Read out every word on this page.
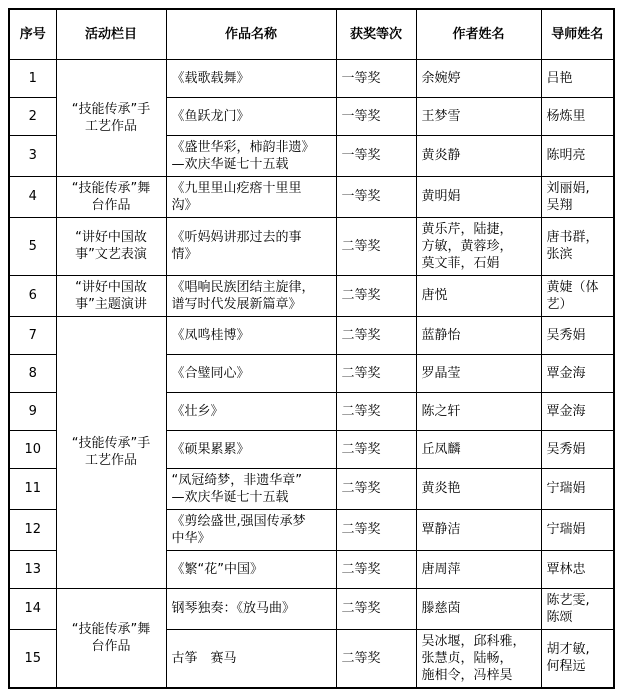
序号	活动栏目	作品名称	获奖等次	作者姓名	导师姓名
1	“技能传承”手
工艺作品	《载歌载舞》	一等奖	余婉婷	吕艳
2		《鱼跃龙门》	一等奖	王梦雪	杨炼里
3		《盛世华彩，柿韵非遗》
—欢庆华诞七十五载	一等奖	黄炎静	陈明亮
4	“技能传承”舞
台作品	《九里里山疙瘩十里里
沟》	一等奖	黄明娟	刘丽娟,
吴翔
5	“讲好中国故
事”文艺表演	《听妈妈讲那过去的事
情》	二等奖	黄乐芹，陆捷，
方敏，黄蓉珍，
莫文菲，石娟	唐书群，
张滨
6	“讲好中国故
事”主题演讲	《唱响民族团结主旋律，
谱写时代发展新篇章》	二等奖	唐悦	黄婕（体
艺）
7	“技能传承”手
工艺作品	《凤鸣桂博》	二等奖	蓝静怡	吴秀娟
8		《合璧同心》	二等奖	罗晶莹	覃金海
9		《壮乡》	二等奖	陈之轩	覃金海
10		《硕果累累》	二等奖	丘凤麟	吴秀娟
11		“凤冠绮梦，非遗华章”
—欢庆华诞七十五载	二等奖	黄炎艳	宁瑞娟
12		《剪绘盛世,强国传承梦
中华》	二等奖	覃静洁	宁瑞娟
13		《繁“花”中国》	二等奖	唐周萍	覃林忠
14	“技能传承”舞
台作品	钢琴独奏：《放马曲》	二等奖	滕慈茵	陈艺雯,
陈颂
15		古筝　赛马	二等奖	吴冰堰，邱科雅，
张慧贞，陆畅，
施相令，冯梓昊	胡才敏,
何程远
